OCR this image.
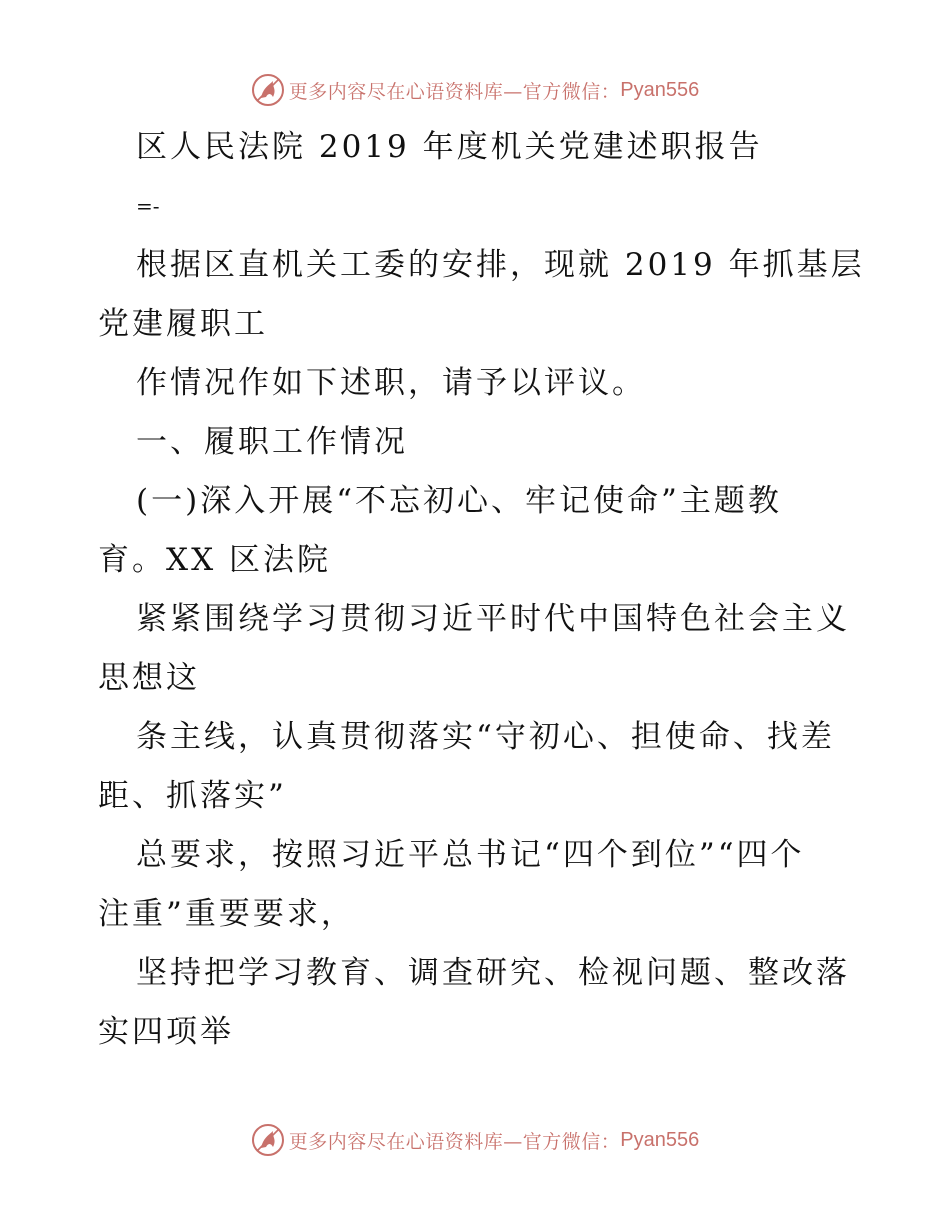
更多内容尽在心语资料库—官方微信： Pyan556
区人民法院 2019 年度机关党建述职报告
=-
根据区直机关工委的安排，现就 2019 年抓基层
党建履职工
作情况作如下述职，请予以评议。
一、履职工作情况
(一)深入开展“不忘初心、牢记使命”主题教
育。XX 区法院
紧紧围绕学习贯彻习近平时代中国特色社会主义
思想这
条主线，认真贯彻落实“守初心、担使命、找差
距、抓落实”
总要求，按照习近平总书记“四个到位”“四个
注重”重要要求，
坚持把学习教育、调查研究、检视问题、整改落
实四项举
更多内容尽在心语资料库—官方微信： Pyan556
